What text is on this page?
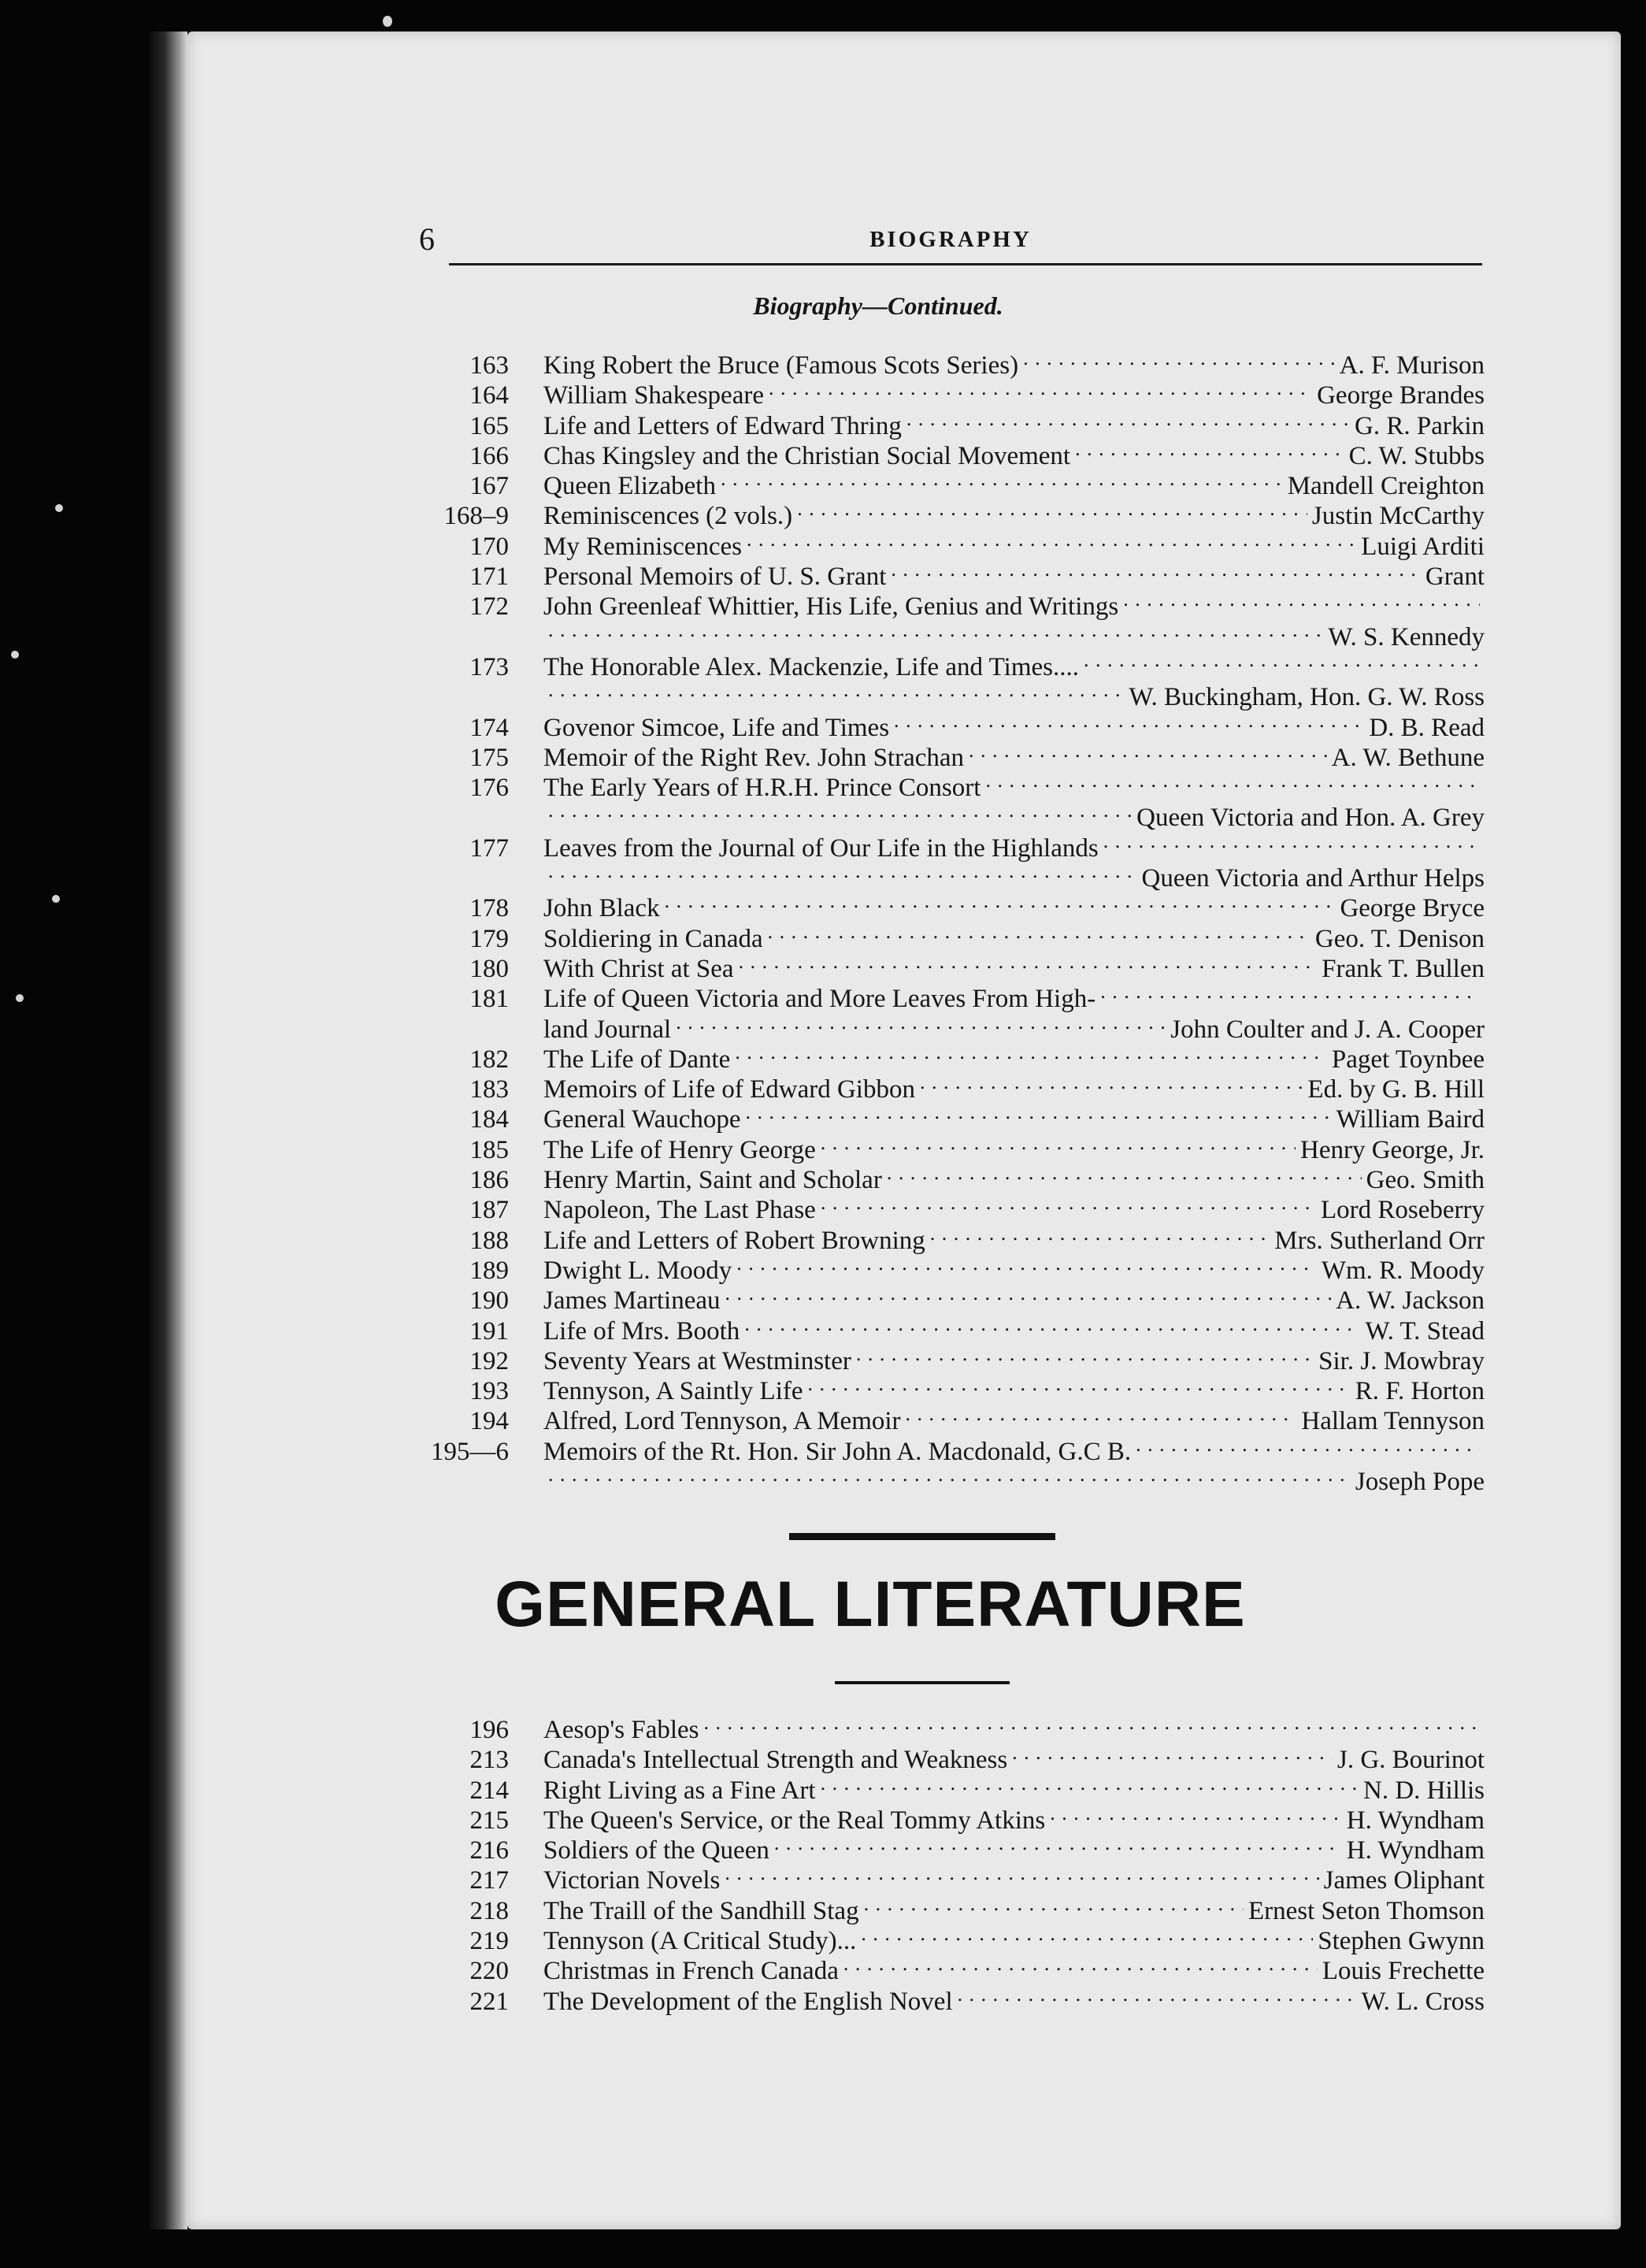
6	BIOGRAPHY
Biography—Continued.
163	King Robert the Bruce (Famous Scots Series) . . .	A. F. Murison
164	William Shakespeare . . .	George Brandes
165	Life and Letters of Edward Thring . . .	G. R. Parkin
166	Chas Kingsley and the Christian Social Movement . . .	C. W. Stubbs
167	Queen Elizabeth . . .	Mandell Creighton
168–9	Reminiscences (2 vols.) . . .	Justin McCarthy
170	My Reminiscences . . .	Luigi Arditi
171	Personal Memoirs of U. S. Grant . . .	Grant
172	John Greenleaf Whittier, His Life, Genius and Writings
. . .
. . .
W. S. Kennedy
173	The Honorable Alex. Mackenzie, Life and Times....
. . .
. . .
W. Buckingham, Hon. G. W. Ross
174	Govenor Simcoe, Life and Times . . .	D. B. Read
175	Memoir of the Right Rev. John Strachan . . .	A. W. Bethune
176	The Early Years of H.R.H. Prince Consort
. . .
. . .
Queen Victoria and Hon. A. Grey
177	Leaves from the Journal of Our Life in the Highlands
. . .
. . .
Queen Victoria and Arthur Helps
178	John Black . . .	George Bryce
179	Soldiering in Canada . . .	Geo. T. Denison
180	With Christ at Sea . . .	Frank T. Bullen
181	Life of Queen Victoria and More Leaves From High-
. . .
land Journal . . .	John Coulter and J. A. Cooper
182	The Life of Dante . . .	Paget Toynbee
183	Memoirs of Life of Edward Gibbon . . .	Ed. by G. B. Hill
184	General Wauchope . . .	William Baird
185	The Life of Henry George . . .	Henry George, Jr.
186	Henry Martin, Saint and Scholar . . .	Geo. Smith
187	Napoleon, The Last Phase . . .	Lord Roseberry
188	Life and Letters of Robert Browning . . .	Mrs. Sutherland Orr
189	Dwight L. Moody . . .	Wm. R. Moody
190	James Martineau . . .	A. W. Jackson
191	Life of Mrs. Booth . . .	W. T. Stead
192	Seventy Years at Westminster . . .	Sir. J. Mowbray
193	Tennyson, A Saintly Life . . .	R. F. Horton
194	Alfred, Lord Tennyson, A Memoir . . .	Hallam Tennyson
195—6	Memoirs of the Rt. Hon. Sir John A. Macdonald, G.C B.
. . .
. . .
Joseph Pope
GENERAL LITERATURE
196	Aesop's Fables
. . .
213	Canada's Intellectual Strength and Weakness . . .	J. G. Bourinot
214	Right Living as a Fine Art . . .	N. D. Hillis
215	The Queen's Service, or the Real Tommy Atkins . . .	H. Wyndham
216	Soldiers of the Queen . . .	H. Wyndham
217	Victorian Novels . . .	James Oliphant
218	The Traill of the Sandhill Stag . . .	Ernest Seton Thomson
219	Tennyson (A Critical Study)... . . .	Stephen Gwynn
220	Christmas in French Canada . . .	Louis Frechette
221	The Development of the English Novel . . .	W. L. Cross
